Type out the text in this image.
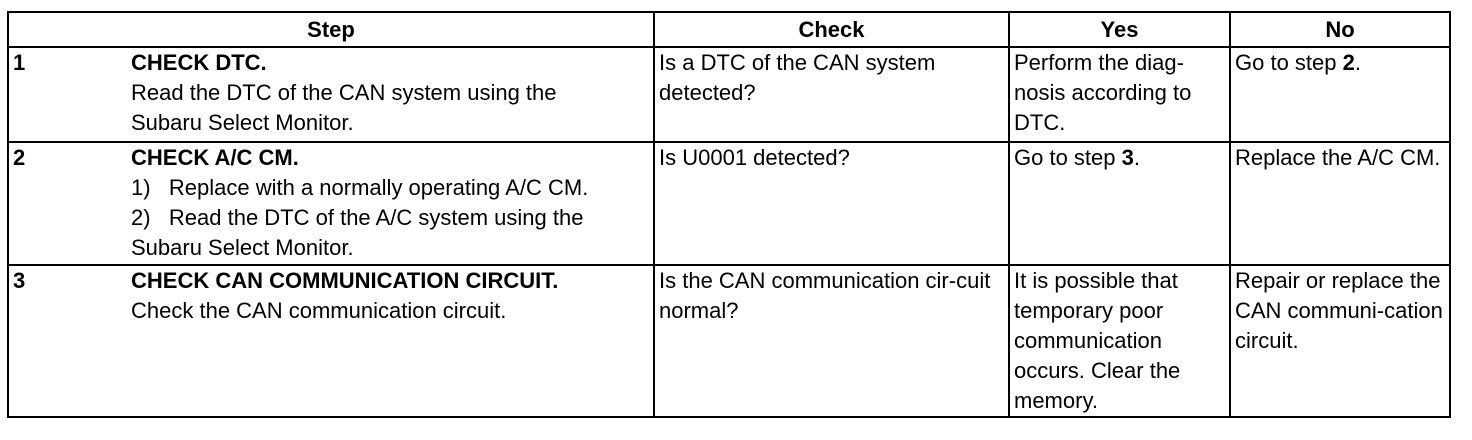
Step	Check	Yes	No

1 CHECK DTC.
Read the DTC of the CAN system using the
Subaru Select Monitor.	Is a DTC of the CAN system detected?	Perform the diag-nosis according to DTC.	Go to step 2.

2 CHECK A/C CM.
1)   Replace with a normally operating A/C CM.
2)   Read the DTC of the A/C system using the
Subaru Select Monitor.	Is U0001 detected?	Go to step 3.	Replace the A/C CM.

3 CHECK CAN COMMUNICATION CIRCUIT.
Check the CAN communication circuit.	Is the CAN communication cir-cuit normal?	It is possible that temporary poor communication occurs. Clear the memory.	Repair or replace the CAN communi-cation circuit.
